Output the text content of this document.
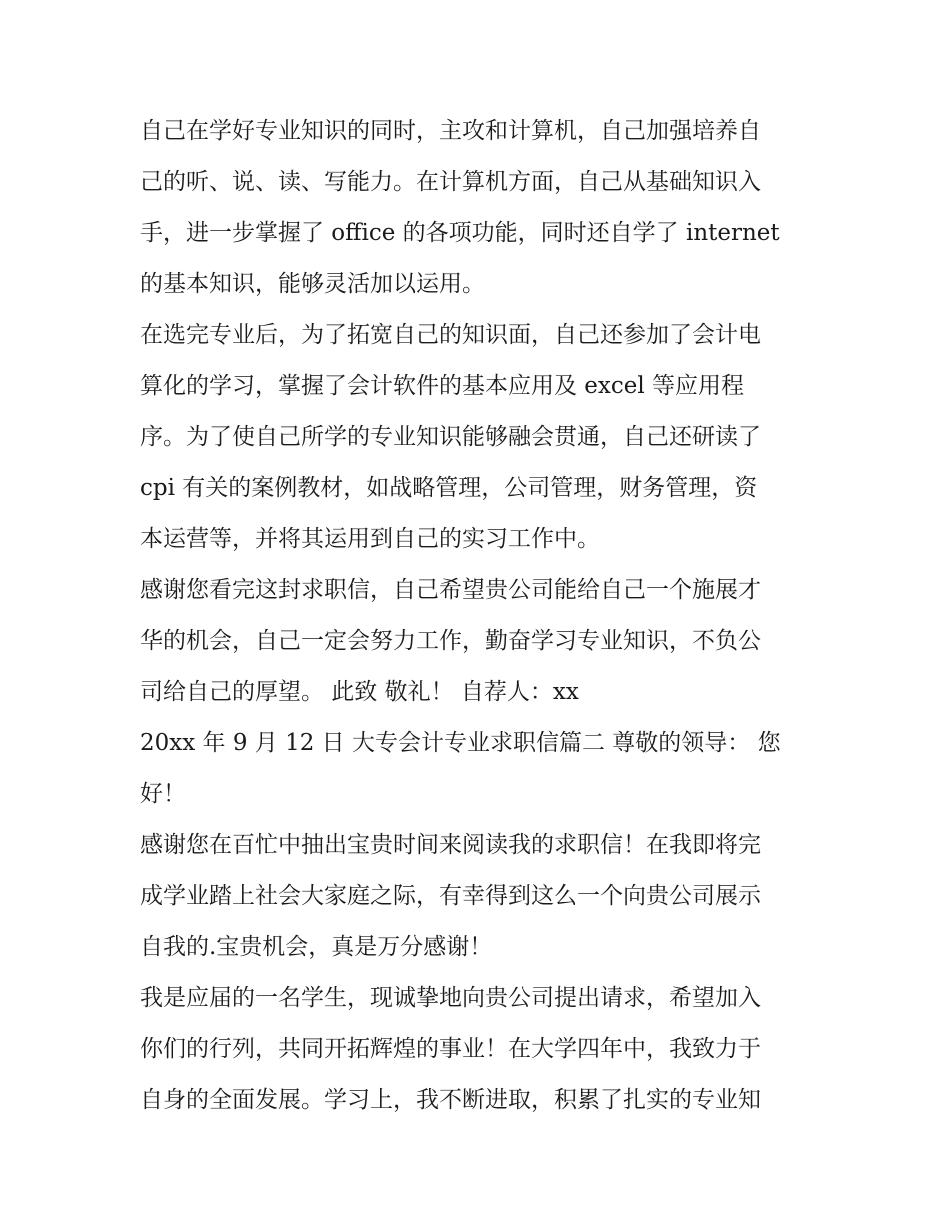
自己在学好专业知识的同时，主攻和计算机，自己加强培养自
己的听、说、读、写能力。在计算机方面，自己从基础知识入
手，进一步掌握了 office 的各项功能，同时还自学了 internet
的基本知识，能够灵活加以运用。
在选完专业后，为了拓宽自己的知识面，自己还参加了会计电
算化的学习，掌握了会计软件的基本应用及 excel 等应用程
序。为了使自己所学的专业知识能够融会贯通，自己还研读了
cpi 有关的案例教材，如战略管理，公司管理，财务管理，资
本运营等，并将其运用到自己的实习工作中。
感谢您看完这封求职信，自己希望贵公司能给自己一个施展才
华的机会，自己一定会努力工作，勤奋学习专业知识，不负公
司给自己的厚望。 此致 敬礼！ 自荐人：xx
20xx 年 9 月 12 日 大专会计专业求职信篇二 尊敬的领导： 您
好！
感谢您在百忙中抽出宝贵时间来阅读我的求职信！在我即将完
成学业踏上社会大家庭之际，有幸得到这么一个向贵公司展示
自我的.宝贵机会，真是万分感谢！
我是应届的一名学生，现诚挚地向贵公司提出请求，希望加入
你们的行列，共同开拓辉煌的事业！在大学四年中，我致力于
自身的全面发展。学习上，我不断进取，积累了扎实的专业知
